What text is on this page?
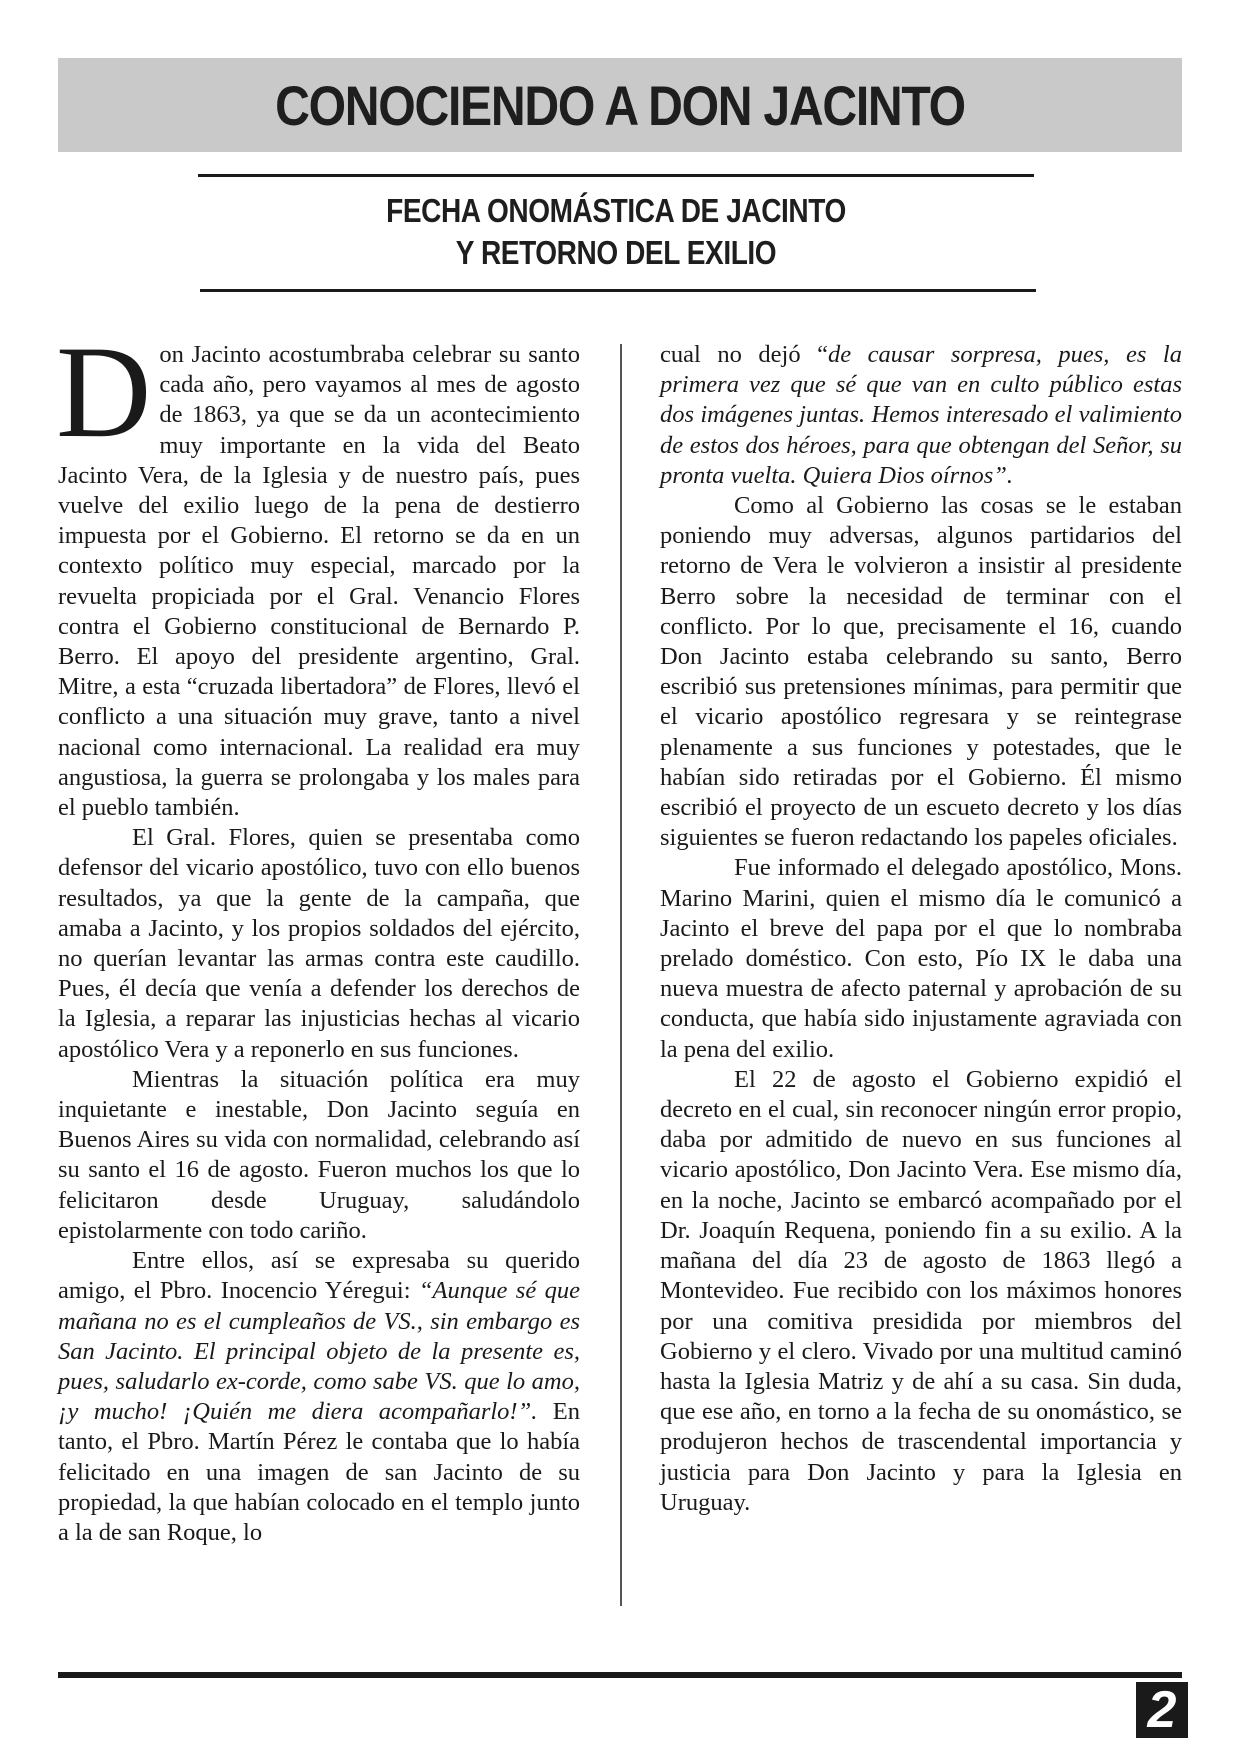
CONOCIENDO A DON JACINTO
FECHA ONOMÁSTICA DE JACINTO
Y RETORNO DEL EXILIO

Don Jacinto acostumbraba celebrar su santo cada año, pero vayamos al mes de agosto de 1863, ya que se da un acontecimiento muy importante en la vida del Beato Jacinto Vera, de la Iglesia y de nuestro país, pues vuelve del exilio luego de la pena de destierro impuesta por el Gobierno. El retorno se da en un contexto político muy especial, marcado por la revuelta propiciada por el Gral. Venancio Flores contra el Gobierno constitucional de Bernardo P. Berro. El apoyo del presidente argentino, Gral. Mitre, a esta “cruzada libertadora” de Flores, llevó el conflicto a una situación muy grave, tanto a nivel nacional como internacional. La realidad era muy angustiosa, la guerra se prolongaba y los males para el pueblo también.

El Gral. Flores, quien se presentaba como defensor del vicario apostólico, tuvo con ello buenos resultados, ya que la gente de la campaña, que amaba a Jacinto, y los propios soldados del ejército, no querían levantar las armas contra este caudillo. Pues, él decía que venía a defender los derechos de la Iglesia, a reparar las injusticias hechas al vicario apostólico Vera y a reponerlo en sus funciones.

Mientras la situación política era muy inquietante e inestable, Don Jacinto seguía en Buenos Aires su vida con normalidad, celebrando así su santo el 16 de agosto. Fueron muchos los que lo felicitaron desde Uruguay, saludándolo epistolarmente con todo cariño.

Entre ellos, así se expresaba su querido amigo, el Pbro. Inocencio Yéregui: “Aunque sé que mañana no es el cumpleaños de VS., sin embargo es San Jacinto. El principal objeto de la presente es, pues, saludarlo ex-corde, como sabe VS. que lo amo, ¡y mucho! ¡Quién me diera acompañarlo!”. En tanto, el Pbro. Martín Pérez le contaba que lo había felicitado en una imagen de san Jacinto de su propiedad, la que habían colocado en el templo junto a la de san Roque, lo

cual no dejó “de causar sorpresa, pues, es la primera vez que sé que van en culto público estas dos imágenes juntas. Hemos interesado el valimiento de estos dos héroes, para que obtengan del Señor, su pronta vuelta. Quiera Dios oírnos”.

Como al Gobierno las cosas se le estaban poniendo muy adversas, algunos partidarios del retorno de Vera le volvieron a insistir al presidente Berro sobre la necesidad de terminar con el conflicto. Por lo que, precisamente el 16, cuando Don Jacinto estaba celebrando su santo, Berro escribió sus pretensiones mínimas, para permitir que el vicario apostólico regresara y se reintegrase plenamente a sus funciones y potestades, que le habían sido retiradas por el Gobierno. Él mismo escribió el proyecto de un escueto decreto y los días siguientes se fueron redactando los papeles oficiales.

Fue informado el delegado apostólico, Mons. Marino Marini, quien el mismo día le comunicó a Jacinto el breve del papa por el que lo nombraba prelado doméstico. Con esto, Pío IX le daba una nueva muestra de afecto paternal y aprobación de su conducta, que había sido injustamente agraviada con la pena del exilio.

El 22 de agosto el Gobierno expidió el decreto en el cual, sin reconocer ningún error propio, daba por admitido de nuevo en sus funciones al vicario apostólico, Don Jacinto Vera. Ese mismo día, en la noche, Jacinto se embarcó acompañado por el Dr. Joaquín Requena, poniendo fin a su exilio. A la mañana del día 23 de agosto de 1863 llegó a Montevideo. Fue recibido con los máximos honores por una comitiva presidida por miembros del Gobierno y el clero. Vivado por una multitud caminó hasta la Iglesia Matriz y de ahí a su casa. Sin duda, que ese año, en torno a la fecha de su onomástico, se produjeron hechos de trascendental importancia y justicia para Don Jacinto y para la Iglesia en Uruguay.

2
